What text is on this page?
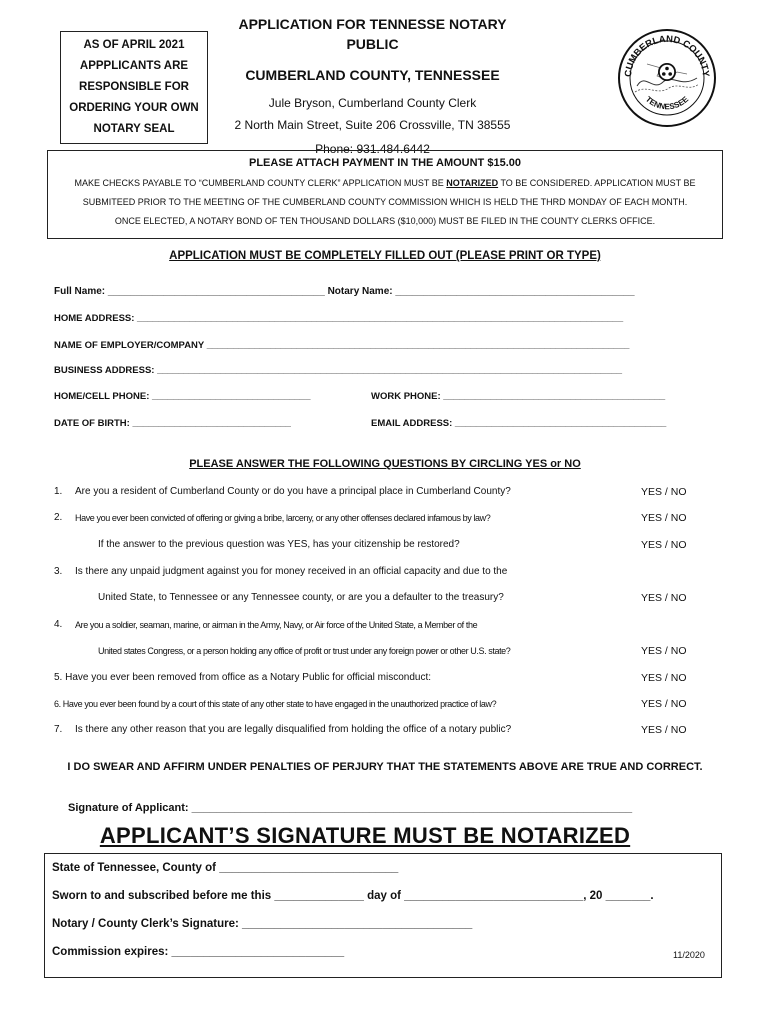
AS OF APRIL 2021
APPPLICANTS ARE
RESPONSIBLE FOR
ORDERING YOUR OWN
NOTARY SEAL
APPLICATION FOR TENNESSE NOTARY PUBLIC
CUMBERLAND COUNTY, TENNESSEE
Jule Bryson, Cumberland County Clerk
2 North Main Street, Suite 206 Crossville, TN 38555
Phone: 931.484.6442
CUMBERLAND COUNTY
TENNESSEE
PLEASE ATTACH PAYMENT IN THE AMOUNT $15.00
MAKE CHECKS PAYABLE TO “CUMBERLAND COUNTY CLERK” APPLICATION MUST BE NOTARIZED TO BE CONSIDERED. APPLICATION MUST BE
SUBMITEED PRIOR TO THE MEETING OF THE CUMBERLAND COUNTY COMMISSION WHICH IS HELD THE THRD MONDAY OF EACH MONTH.
ONCE ELECTED, A NOTARY BOND OF TEN THOUSAND DOLLARS ($10,000) MUST BE FILED IN THE COUNTY CLERKS OFFICE.
APPLICATION MUST BE COMPLETELY FILLED OUT (PLEASE PRINT OR TYPE)
Full Name: _______________________________________ Notary Name: ___________________________________________
HOME ADDRESS: ____________________________________________________________________________________________
NAME OF EMPLOYER/COMPANY ________________________________________________________________________________
BUSINESS ADDRESS: ________________________________________________________________________________________
HOME/CELL PHONE: ______________________________	WORK PHONE: __________________________________________
DATE OF BIRTH: ______________________________	EMAIL ADDRESS: ________________________________________
PLEASE ANSWER THE FOLLOWING QUESTIONS BY CIRCLING YES or NO
1. Are you a resident of Cumberland County or do you have a principal place in Cumberland County?	YES / NO
2. Have you ever been convicted of offering or giving a bribe, larceny, or any other offenses declared infamous by law?	YES / NO
If the answer to the previous question was YES, has your citizenship be restored?	YES / NO
3. Is there any unpaid judgment against you for money received in an official capacity and due to the
United State, to Tennessee or any Tennessee county, or are you a defaulter to the treasury?	YES / NO
4. Are you a soldier, seaman, marine, or airman in the Army, Navy, or Air force of the United State, a Member of the
United states Congress, or a person holding any office of profit or trust under any foreign power or other U.S. state?	YES / NO
5. Have you ever been removed from office as a Notary Public for official misconduct:	YES / NO
6. Have you ever been found by a court of this state of any other state to have engaged in the unauthorized practice of law?	YES / NO
7. Is there any other reason that you are legally disqualified from holding the office of a notary public?	YES / NO
I DO SWEAR AND AFFIRM UNDER PENALTIES OF PERJURY THAT THE STATEMENTS ABOVE ARE TRUE AND CORRECT.
Signature of Applicant: ________________________________________________________________________
APPLICANT’S SIGNATURE MUST BE NOTARIZED
State of Tennessee, County of ____________________________
Sworn to and subscribed before me this ______________ day of ____________________________, 20 _______.
Notary / County Clerk’s Signature: ____________________________________
Commission expires: ___________________________	11/2020
